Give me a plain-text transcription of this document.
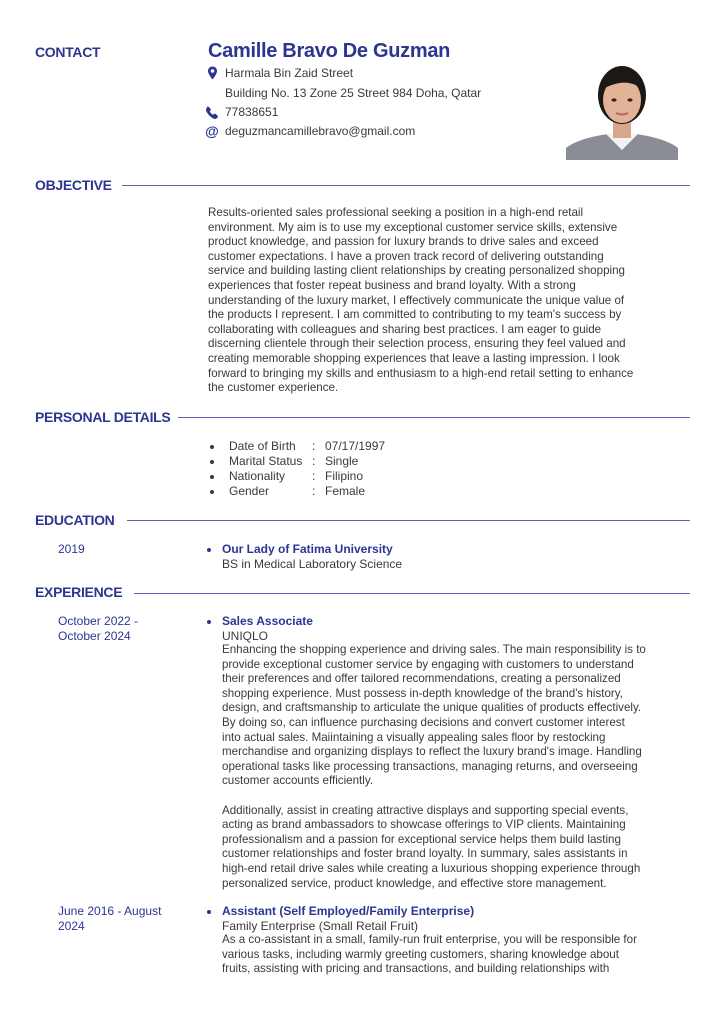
CONTACT	Camille Bravo De Guzman
Harmala Bin Zaid Street
Building No. 13 Zone 25 Street 984 Doha, Qatar
77838651
@ deguzmancamillebravo@gmail.com
OBJECTIVE
Results-oriented sales professional seeking a position in a high-end retail
environment. My aim is to use my exceptional customer service skills, extensive
product knowledge, and passion for luxury brands to drive sales and exceed
customer expectations. I have a proven track record of delivering outstanding
service and building lasting client relationships by creating personalized shopping
experiences that foster repeat business and brand loyalty. With a strong
understanding of the luxury market, I effectively communicate the unique value of
the products I represent. I am committed to contributing to my team's success by
collaborating with colleagues and sharing best practices. I am eager to guide
discerning clientele through their selection process, ensuring they feel valued and
creating memorable shopping experiences that leave a lasting impression. I look
forward to bringing my skills and enthusiasm to a high-end retail setting to enhance
the customer experience.
PERSONAL DETAILS
Date of Birth : 07/17/1997
Marital Status : Single
Nationality : Filipino
Gender	: Female
EDUCATION
2019	Our Lady of Fatima University
BS in Medical Laboratory Science
EXPERIENCE
October 2022 -
October 2024
Sales Associate
UNIQLO
Enhancing the shopping experience and driving sales. The main responsibility is to
provide exceptional customer service by engaging with customers to understand
their preferences and offer tailored recommendations, creating a personalized
shopping experience. Must possess in-depth knowledge of the brand's history,
design, and craftsmanship to articulate the unique qualities of products effectively.
By doing so, can influence purchasing decisions and convert customer interest
into actual sales. Maiintaining a visually appealing sales floor by restocking
merchandise and organizing displays to reflect the luxury brand's image. Handling
operational tasks like processing transactions, managing returns, and overseeing
customer accounts efficiently.
Additionally, assist in creating attractive displays and supporting special events,
acting as brand ambassadors to showcase offerings to VIP clients. Maintaining
professionalism and a passion for exceptional service helps them build lasting
customer relationships and foster brand loyalty. In summary, sales assistants in
high-end retail drive sales while creating a luxurious shopping experience through
personalized service, product knowledge, and effective store management.
June 2016 - August
2024
Assistant (Self Employed/Family Enterprise)
Family Enterprise (Small Retail Fruit)
As a co-assistant in a small, family-run fruit enterprise, you will be responsible for
various tasks, including warmly greeting customers, sharing knowledge about
fruits, assisting with pricing and transactions, and building relationships with
